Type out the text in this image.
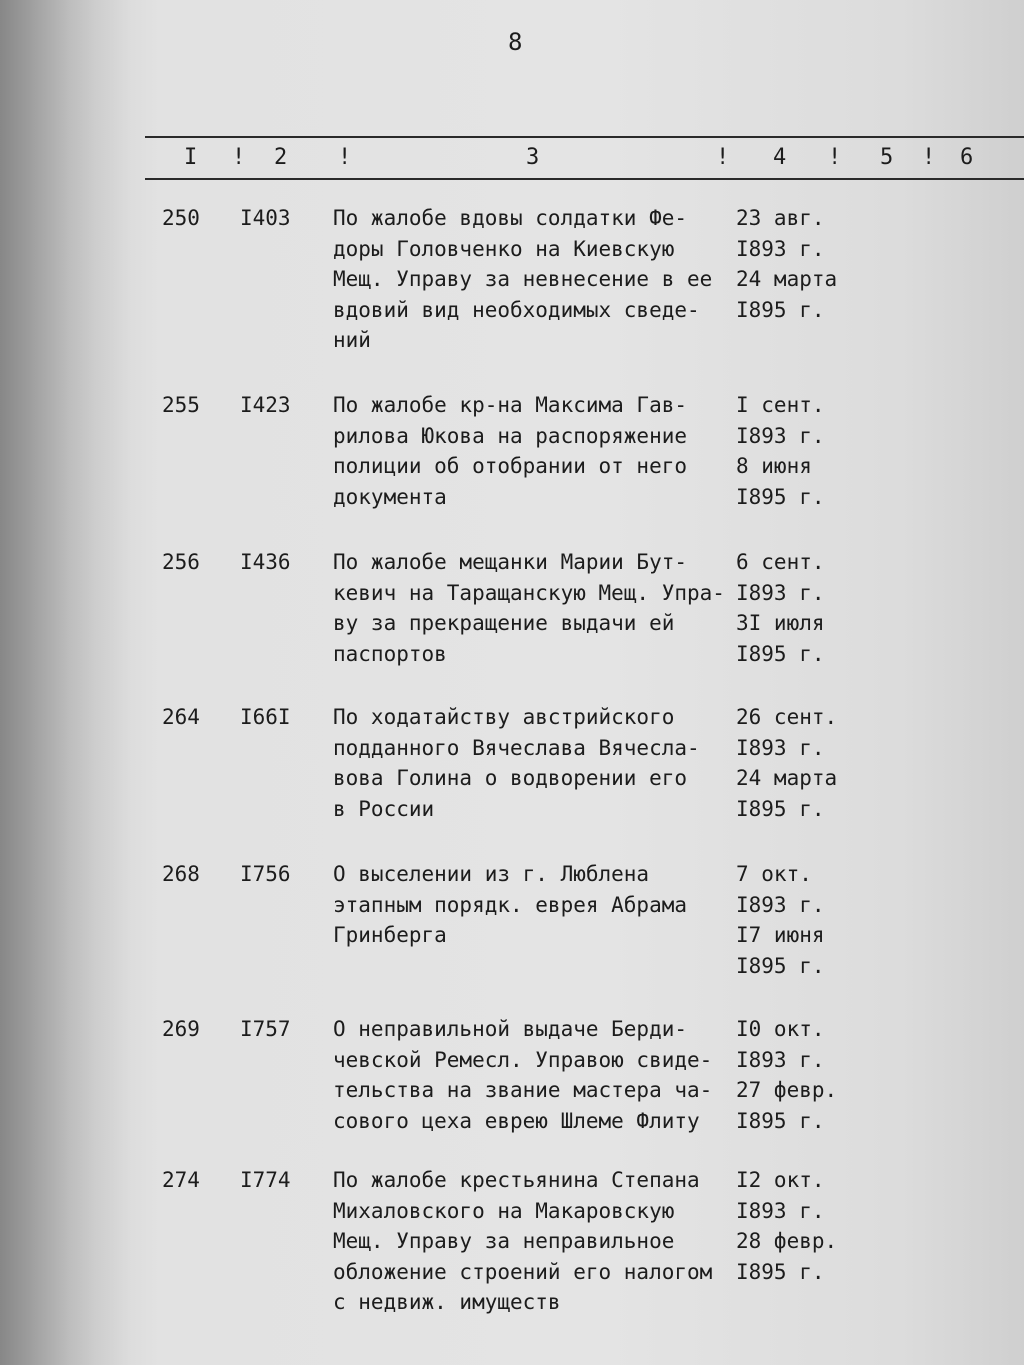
8
I ! 2 !	3	! 4 ! 5 ! 6
250 I403 По жалобе вдовы солдатки Фе-
доры Головченко на Киевскую
Мещ. Управу за невнесение в ее
вдовий вид необходимых сведе-
ний
23 авг.
I893 г.
24 марта
I895 г.
255 I423 По жалобе кр-на Максима Гав-
рилова Юкова на распоряжение
полиции об отобрании от него
документа
I сент.
I893 г.
8 июня
I895 г.
256 I436 По жалобе мещанки Марии Бут-
кевич на Таращанскую Мещ. Упра-
ву за прекращение выдачи ей
паспортов
6 сент.
I893 г.
3I июля
I895 г.
264 I66I По ходатайству австрийского
подданного Вячеслава Вячесла-
вова Голина о водворении его
в России
26 сент.
I893 г.
24 марта
I895 г.
268 I756 О выселении из г. Люблена
этапным порядк. еврея Абрама
Гринберга
7 окт.
I893 г.
I7 июня
I895 г.
269 I757 О неправильной выдаче Берди-
чевской Ремесл. Управою свиде-
тельства на звание мастера ча-
сового цеха еврею Шлеме Флиту
I0 окт.
I893 г.
27 февр.
I895 г.
274 I774 По жалобе крестьянина Степана
Михаловского на Макаровскую
Мещ. Управу за неправильное
обложение строений его налогом
с недвиж. имуществ
I2 окт.
I893 г.
28 февр.
I895 г.
